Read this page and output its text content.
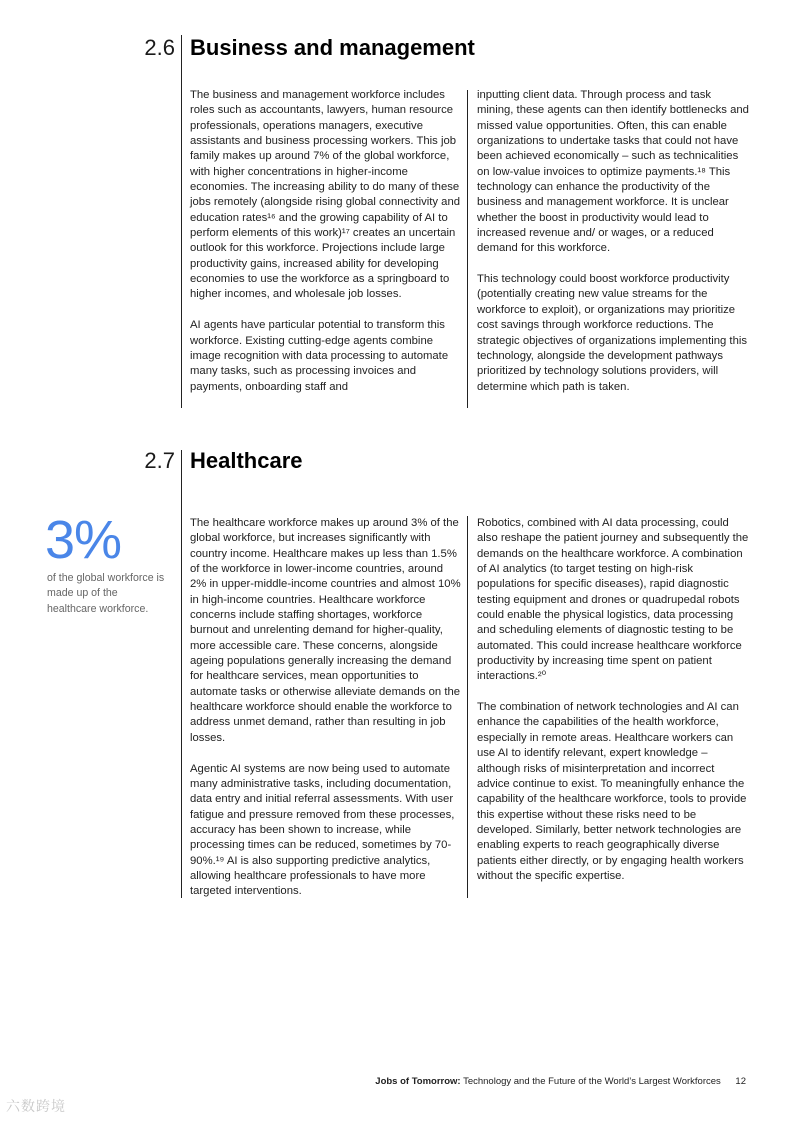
2.6 Business and management

The business and management workforce includes roles such as accountants, lawyers, human resource professionals, operations managers, executive assistants and business processing workers. This job family makes up around 7% of the global workforce, with higher concentrations in higher-income economies. The increasing ability to do many of these jobs remotely (alongside rising global connectivity and education rates¹⁶ and the growing capability of AI to perform elements of this work)¹⁷ creates an uncertain outlook for this workforce. Projections include large productivity gains, increased ability for developing economies to use the workforce as a springboard to higher incomes, and wholesale job losses.

AI agents have particular potential to transform this workforce. Existing cutting-edge agents combine image recognition with data processing to automate many tasks, such as processing invoices and payments, onboarding staff and

inputting client data. Through process and task mining, these agents can then identify bottlenecks and missed value opportunities. Often, this can enable organizations to undertake tasks that could not have been achieved economically – such as technicalities on low-value invoices to optimize payments.¹⁸ This technology can enhance the productivity of the business and management workforce. It is unclear whether the boost in productivity would lead to increased revenue and/ or wages, or a reduced demand for this workforce.

This technology could boost workforce productivity (potentially creating new value streams for the workforce to exploit), or organizations may prioritize cost savings through workforce reductions. The strategic objectives of organizations implementing this technology, alongside the development pathways prioritized by technology solutions providers, will determine which path is taken.

2.7 Healthcare
3%
of the global workforce is made up of the healthcare workforce.

The healthcare workforce makes up around 3% of the global workforce, but increases significantly with country income. Healthcare makes up less than 1.5% of the workforce in lower-income countries, around 2% in upper-middle-income countries and almost 10% in high-income countries. Healthcare workforce concerns include staffing shortages, workforce burnout and unrelenting demand for higher-quality, more accessible care. These concerns, alongside ageing populations generally increasing the demand for healthcare services, mean opportunities to automate tasks or otherwise alleviate demands on the healthcare workforce should enable the workforce to address unmet demand, rather than resulting in job losses.

Agentic AI systems are now being used to automate many administrative tasks, including documentation, data entry and initial referral assessments. With user fatigue and pressure removed from these processes, accuracy has been shown to increase, while processing times can be reduced, sometimes by 70-90%.¹⁹ AI is also supporting predictive analytics, allowing healthcare professionals to have more targeted interventions.

Robotics, combined with AI data processing, could also reshape the patient journey and subsequently the demands on the healthcare workforce. A combination of AI analytics (to target testing on high-risk populations for specific diseases), rapid diagnostic testing equipment and drones or quadrupedal robots could enable the physical logistics, data processing and scheduling elements of diagnostic testing to be automated. This could increase healthcare workforce productivity by increasing time spent on patient interactions.²⁰

The combination of network technologies and AI can enhance the capabilities of the health workforce, especially in remote areas. Healthcare workers can use AI to identify relevant, expert knowledge – although risks of misinterpretation and incorrect advice continue to exist. To meaningfully enhance the capability of the healthcare workforce, tools to provide this expertise without these risks need to be developed. Similarly, better network technologies are enabling experts to reach geographically diverse patients either directly, or by engaging health workers without the specific expertise.

Jobs of Tomorrow: Technology and the Future of the World’s Largest Workforces 12
六数跨境
